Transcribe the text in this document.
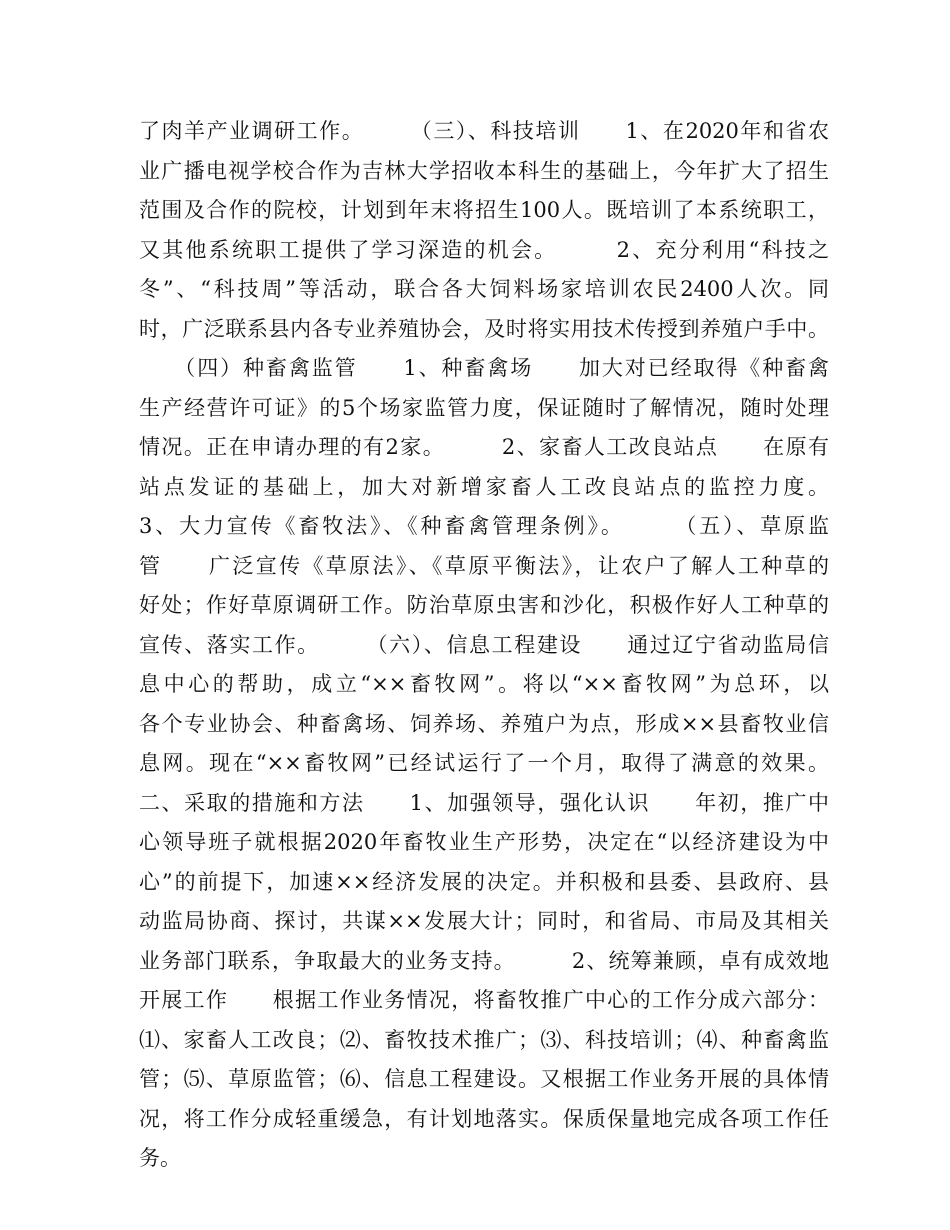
了肉羊产业调研工作。　　　（三）、科技培训　　1、在2020年和省农
业广播电视学校合作为吉林大学招收本科生的基础上，今年扩大了招生
范围及合作的院校，计划到年末将招生100人。既培训了本系统职工，
又其他系统职工提供了学习深造的机会。　　　2、充分利用“科技之
冬”、“科技周”等活动，联合各大饲料场家培训农民2400人次。同
时，广泛联系县内各专业养殖协会，及时将实用技术传授到养殖户手中。
　　（四）种畜禽监管　　1、种畜禽场　　加大对已经取得《种畜禽
生产经营许可证》的5个场家监管力度，保证随时了解情况，随时处理
情况。正在申请办理的有2家。　　　2、家畜人工改良站点　　在原有
站点发证的基础上，加大对新增家畜人工改良站点的监控力度。
3、大力宣传《畜牧法》、《种畜禽管理条例》。　　　（五）、草原监
管　　广泛宣传《草原法》、《草原平衡法》，让农户了解人工种草的
好处；作好草原调研工作。防治草原虫害和沙化，积极作好人工种草的
宣传、落实工作。　　　（六）、信息工程建设　　通过辽宁省动监局信
息中心的帮助，成立“××畜牧网”。将以“××畜牧网”为总环，以
各个专业协会、种畜禽场、饲养场、养殖户为点，形成××县畜牧业信
息网。现在“××畜牧网”已经试运行了一个月，取得了满意的效果。
二、采取的措施和方法　　1、加强领导，强化认识　　年初，推广中
心领导班子就根据2020年畜牧业生产形势，决定在“以经济建设为中
心”的前提下，加速××经济发展的决定。并积极和县委、县政府、县
动监局协商、探讨，共谋××发展大计；同时，和省局、市局及其相关
业务部门联系，争取最大的业务支持。　　　2、统筹兼顾，卓有成效地
开展工作　　根据工作业务情况，将畜牧推广中心的工作分成六部分：
⑴、家畜人工改良；⑵、畜牧技术推广；⑶、科技培训；⑷、种畜禽监
管；⑸、草原监管；⑹、信息工程建设。又根据工作业务开展的具体情
况，将工作分成轻重缓急，有计划地落实。保质保量地完成各项工作任
务。
